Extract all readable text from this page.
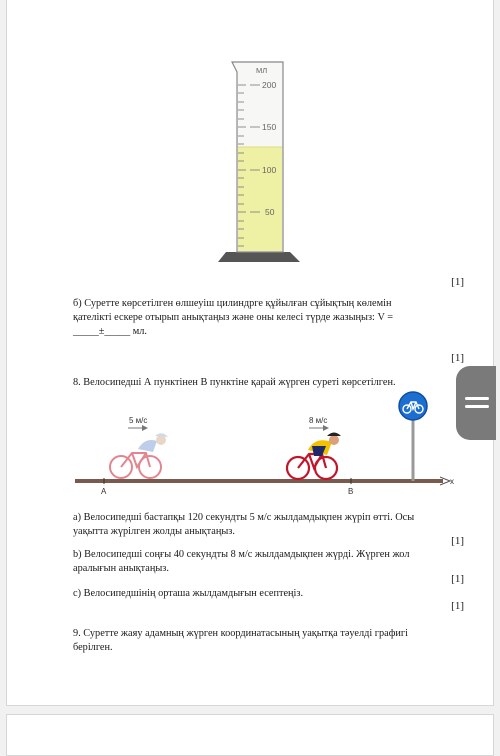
МЛ
200
150
100
50
5 м/с	8 м/с
A	B
x
[1]
[1]
[1]
[1]
[1]
б) Суретте көрсетілген өлшеуіш цилиндрге құйылған сұйықтың көлемін
қателікті ескере отырып анықтаңыз және оны келесі түрде жазыңыз: V =
_____±_____ мл.
8. Велосипедші А пунктінен В пунктіне қарай жүрген суреті көрсетілген.
а) Велосипедші бастапқы 120 секундты 5 м/с жылдамдықпен жүріп өтті. Осы
уақытта жүрілген жолды анықтаңыз.
b) Велосипедші соңғы 40 секундты 8 м/с жылдамдықпен жүрді. Жүрген жол
аралығын анықтаңыз.
c) Велосипедшінің орташа жылдамдығын есептеңіз.
9. Суретте жаяу адамның жүрген координатасының уақытқа тәуелді графигі
берілген.
